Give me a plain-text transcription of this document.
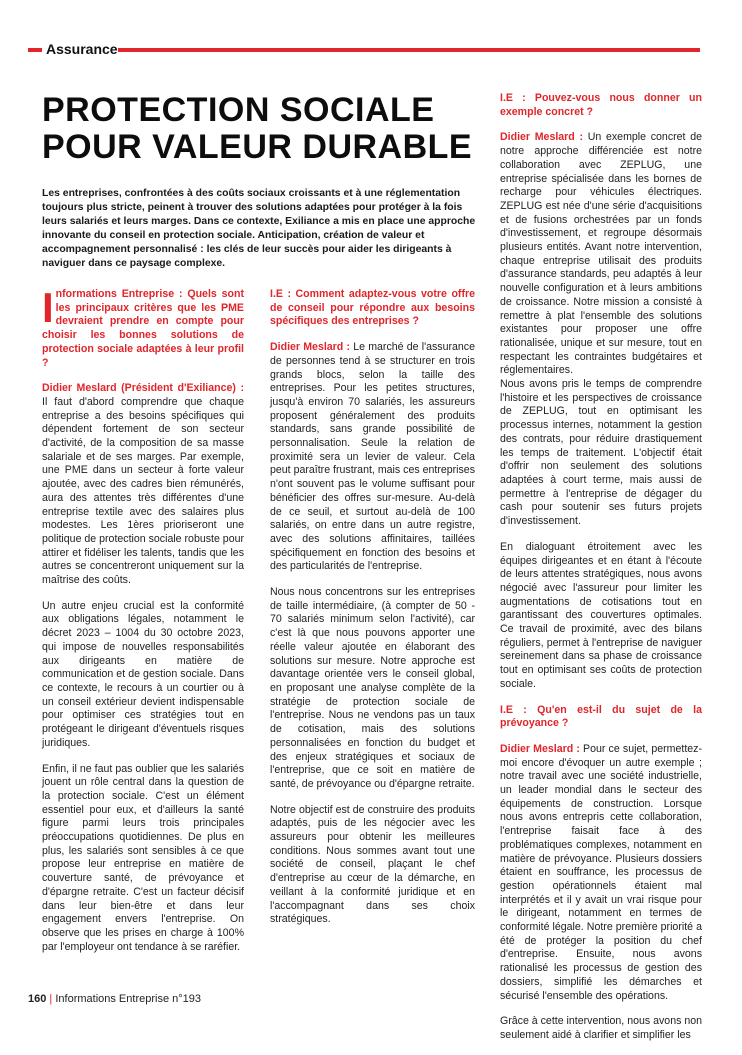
Assurance
PROTECTION SOCIALE POUR VALEUR DURABLE
Les entreprises, confrontées à des coûts sociaux croissants et à une réglementation toujours plus stricte, peinent à trouver des solutions adaptées pour protéger à la fois leurs salariés et leurs marges. Dans ce contexte, Exiliance a mis en place une approche innovante du conseil en protection sociale. Anticipation, création de valeur et accompagnement personnalisé : les clés de leur succès pour aider les dirigeants à naviguer dans ce paysage complexe.

Informations Entreprise : Quels sont les principaux critères que les PME devraient prendre en compte pour choisir les bonnes solutions de protection sociale adaptées à leur profil ?

Didier Meslard (Président d'Exiliance) : Il faut d'abord comprendre que chaque entreprise a des besoins spécifiques qui dépendent fortement de son secteur d'activité, de la composition de sa masse salariale et de ses marges. Par exemple, une PME dans un secteur à forte valeur ajoutée, avec des cadres bien rémunérés, aura des attentes très différentes d'une entreprise textile avec des salaires plus modestes. Les 1ères prioriseront une politique de protection sociale robuste pour attirer et fidéliser les talents, tandis que les autres se concentreront uniquement sur la maîtrise des coûts.

Un autre enjeu crucial est la conformité aux obligations légales, notamment le décret 2023 – 1004 du 30 octobre 2023, qui impose de nouvelles responsabilités aux dirigeants en matière de communication et de gestion sociale. Dans ce contexte, le recours à un courtier ou à un conseil extérieur devient indispensable pour optimiser ces stratégies tout en protégeant le dirigeant d'éventuels risques juridiques.

Enfin, il ne faut pas oublier que les salariés jouent un rôle central dans la question de la protection sociale. C'est un élément essentiel pour eux, et d'ailleurs la santé figure parmi leurs trois principales préoccupations quotidiennes. De plus en plus, les salariés sont sensibles à ce que propose leur entreprise en matière de couverture santé, de prévoyance et d'épargne retraite. C'est un facteur décisif dans leur bien-être et dans leur engagement envers l'entreprise. On observe que les prises en charge à 100% par l'employeur ont tendance à se raréfier.

I.E : Comment adaptez-vous votre offre de conseil pour répondre aux besoins spécifiques des entreprises ?

Didier Meslard : Le marché de l'assurance de personnes tend à se structurer en trois grands blocs, selon la taille des entreprises. Pour les petites structures, jusqu'à environ 70 salariés, les assureurs proposent généralement des produits standards, sans grande possibilité de personnalisation. Seule la relation de proximité sera un levier de valeur. Cela peut paraître frustrant, mais ces entreprises n'ont souvent pas le volume suffisant pour bénéficier des offres sur-mesure. Au-delà de ce seuil, et surtout au-delà de 100 salariés, on entre dans un autre registre, avec des solutions affinitaires, taillées spécifiquement en fonction des besoins et des particularités de l'entreprise.

Nous nous concentrons sur les entreprises de taille intermédiaire, (à compter de 50 - 70 salariés minimum selon l'activité), car c'est là que nous pouvons apporter une réelle valeur ajoutée en élaborant des solutions sur mesure. Notre approche est davantage orientée vers le conseil global, en proposant une analyse complète de la stratégie de protection sociale de l'entreprise. Nous ne vendons pas un taux de cotisation, mais des solutions personnalisées en fonction du budget et des enjeux stratégiques et sociaux de l'entreprise, que ce soit en matière de santé, de prévoyance ou d'épargne retraite.

Notre objectif est de construire des produits adaptés, puis de les négocier avec les assureurs pour obtenir les meilleures conditions. Nous sommes avant tout une société de conseil, plaçant le chef d'entreprise au cœur de la démarche, en veillant à la conformité juridique et en l'accompagnant dans ses choix stratégiques.

I.E : Pouvez-vous nous donner un exemple concret ?

Didier Meslard : Un exemple concret de notre approche différenciée est notre collaboration avec ZEPLUG, une entreprise spécialisée dans les bornes de recharge pour véhicules électriques. ZEPLUG est née d'une série d'acquisitions et de fusions orchestrées par un fonds d'investissement, et regroupe désormais plusieurs entités. Avant notre intervention, chaque entreprise utilisait des produits d'assurance standards, peu adaptés à leur nouvelle configuration et à leurs ambitions de croissance. Notre mission a consisté à remettre à plat l'ensemble des solutions existantes pour proposer une offre rationalisée, unique et sur mesure, tout en respectant les contraintes budgétaires et réglementaires.

Nous avons pris le temps de comprendre l'histoire et les perspectives de croissance de ZEPLUG, tout en optimisant les processus internes, notamment la gestion des contrats, pour réduire drastiquement les temps de traitement. L'objectif était d'offrir non seulement des solutions adaptées à court terme, mais aussi de permettre à l'entreprise de dégager du cash pour soutenir ses futurs projets d'investissement.

En dialoguant étroitement avec les équipes dirigeantes et en étant à l'écoute de leurs attentes stratégiques, nous avons négocié avec l'assureur pour limiter les augmentations de cotisations tout en garantissant des couvertures optimales. Ce travail de proximité, avec des bilans réguliers, permet à l'entreprise de naviguer sereinement dans sa phase de croissance tout en optimisant ses coûts de protection sociale.

I.E : Qu'en est-il du sujet de la prévoyance ?

Didier Meslard : Pour ce sujet, permettez-moi encore d'évoquer un autre exemple ; notre travail avec une société industrielle, un leader mondial dans le secteur des équipements de construction. Lorsque nous avons entrepris cette collaboration, l'entreprise faisait face à des problématiques complexes, notamment en matière de prévoyance. Plusieurs dossiers étaient en souffrance, les processus de gestion opérationnels étaient mal interprétés et il y avait un vrai risque pour le dirigeant, notamment en termes de conformité légale. Notre première priorité a été de protéger la position du chef d'entreprise. Ensuite, nous avons rationalisé les processus de gestion des dossiers, simplifié les démarches et sécurisé l'ensemble des opérations.

Grâce à cette intervention, nous avons non seulement aidé à clarifier et simplifier les

160 | Informations Entreprise n°193
